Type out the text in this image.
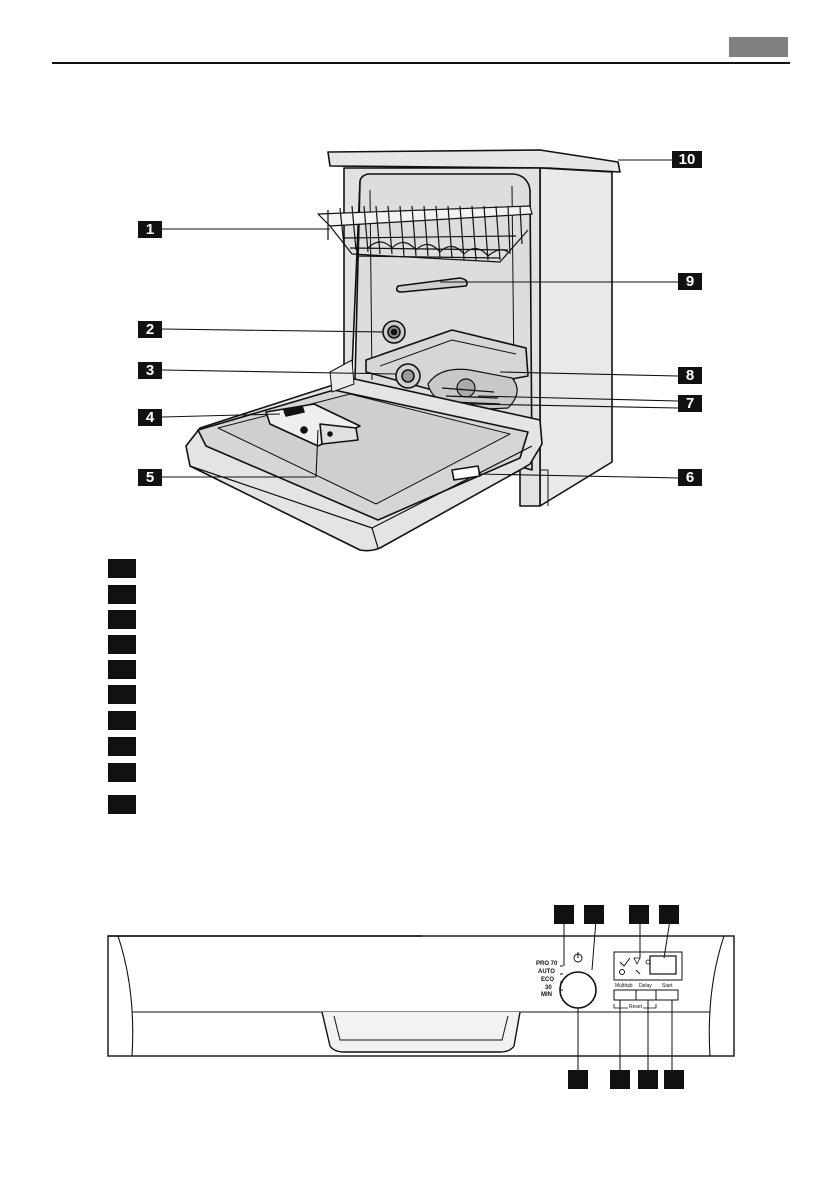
1
2
3
4
5	6
7
8
9
10
PRO 70
AUTO
ECO
30
MIN
Multitab Delay Start
Reset
